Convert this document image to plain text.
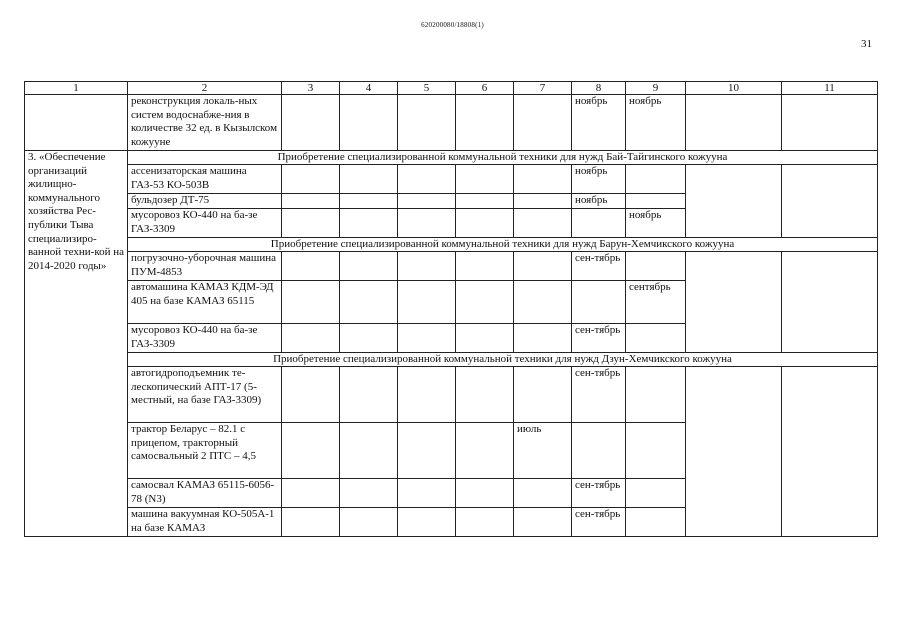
620200080/18808(1)
31
1	2	3	4	5	6	7	8	9	10	11
	реконструкция локаль-ных систем водоснабже-ния в количестве 32 ед. в Кызылском кожууне						ноябрь	ноябрь		
3. «Обеспечение организаций жилищно-коммунального хозяйства Рес-публики Тыва специализиро-ванной техни-кой на 2014-2020 годы»	Приобретение специализированной коммунальной техники для нужд Бай-Тайгинского кожууна									
	ассенизаторская машина ГАЗ-53 КО-503В						ноябрь			
	бульдозер ДТ-75						ноябрь			
	мусоровоз КО-440 на ба-зе ГАЗ-3309							ноябрь		
	Приобретение специализированной коммунальной техники для нужд Барун-Хемчикского кожууна									
	погрузочно-уборочная машина ПУМ-4853						сен-тябрь			
	автомашина КАМАЗ КДМ-ЭД 405 на базе КАМАЗ 65115							сентябрь		
	мусоровоз КО-440 на ба-зе ГАЗ-3309						сен-тябрь			
	Приобретение специализированной коммунальной техники для нужд Дзун-Хемчикского кожууна									
	автогидроподъемник те-лескопический АПТ-17 (5-местный, на базе ГАЗ-3309)						сен-тябрь			
	трактор Беларус – 82.1 с прицепом, тракторный самосвальный 2 ПТС – 4,5					июль				
	самосвал КАМАЗ 65115-6056-78 (N3)						сен-тябрь			
	машина вакуумная КО-505А-1 на базе КАМАЗ						сен-тябрь			
